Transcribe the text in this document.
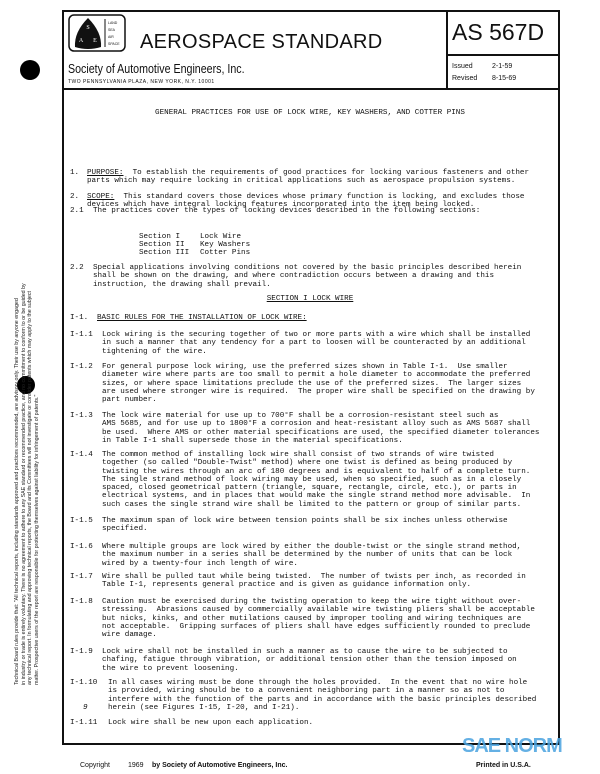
Technical Board rules provide that: "All technical reports, including standards approved and practices recommended, are advisory only. Their use by anyone engaged in industry or trade is entirely voluntary. There is no agreement to adhere to any SAE standard or recommended practice, and no commitment to conform to or be guided by any technical report. In formulating and approving technical reports, the Board and its Committees will not investigate or consider patents which may apply to the subject matter. Prospective users of the report are responsible for protecting themselves against liability for infringement of patents."
S
A E
LAND
SEA
AIR
SPACE AEROSPACE STANDARD
Society of Automotive Engineers, Inc.
TWO PENNSYLVANIA PLAZA, NEW YORK, N.Y. 10001
AS 567D
Issued	2-1-59
Revised 8-15-69
GENERAL PRACTICES FOR USE OF LOCK WIRE, KEY WASHERS, AND COTTER PINS
1. PURPOSE:  To establish the requirements of good practices for locking various fasteners and other
parts which may require locking in critical applications such as aerospace propulsion systems.
2. SCOPE:  This standard covers those devices whose primary function is locking, and excludes those
devices which have integral locking features incorporated into the item being locked.
2.1 The practices cover the types of locking devices described in the following sections:
Section I	Lock Wire
Section II Key Washers
Section III Cotter Pins
2.2 Special applications involving conditions not covered by the basic principles described herein
shall be shown on the drawing, and where contradiction occurs between a drawing and this
instruction, the drawing shall prevail.
SECTION I LOCK WIRE
I-1. BASIC RULES FOR THE INSTALLATION OF LOCK WIRE:
I-1.1 Lock wiring is the securing together of two or more parts with a wire which shall be installed
in such a manner that any tendency for a part to loosen will be counteracted by an additional
tightening of the wire.
I-1.2 For general purpose lock wiring, use the preferred sizes shown in Table I-1.  Use smaller
diameter wire where parts are too small to permit a hole diameter to accommodate the preferred
sizes, or where space limitations preclude the use of the preferred sizes.  The larger sizes
are used where stronger wire is required.  The proper wire shall be specified on the drawing by
part number.
I-1.3 The lock wire material for use up to 700°F shall be a corrosion-resistant steel such as
AMS 5685, and for use up to 1800°F a corrosion and heat-resistant alloy such as AMS 5687 shall
be used.  Where AMS or other material specifications are used, the specified diameter tolerances
in Table I-1 shall supersede those in the material specifications.
I-1.4 The common method of installing lock wire shall consist of two strands of wire twisted
together (so called "Double-Twist" method) where one twist is defined as being produced by
twisting the wires through an arc of 180 degrees and is equivalent to half of a complete turn.
The single strand method of lock wiring may be used, when so specified, such as in a closely
spaced, closed geometrical pattern (triangle, square, rectangle, circle, etc.), or parts in
electrical systems, and in places that would make the single strand method more advisable.  In
such cases the single strand wire shall be limited to the pattern or group of similar parts.
I-1.5 The maximum span of lock wire between tension points shall be six inches unless otherwise
specified.
I-1.6 Where multiple groups are lock wired by either the double-twist or the single strand method,
the maximum number in a series shall be determined by the number of units that can be lock
wired by a twenty-four inch length of wire.
I-1.7 Wire shall be pulled taut while being twisted.  The number of twists per inch, as recorded in
Table I-1, represents general practice and is given as guidance information only.
I-1.8 Caution must be exercised during the twisting operation to keep the wire tight without over-
stressing.  Abrasions caused by commercially available wire twisting pliers shall be acceptable
but nicks, kinks, and other mutilations caused by improper tooling and wiring techniques are
not acceptable.  Gripping surfaces of pliers shall have edges sufficiently rounded to preclude
wire damage.
I-1.9 Lock wire shall not be installed in such a manner as to cause the wire to be subjected to
chafing, fatigue through vibration, or additional tension other than the tension imposed on
the wire to prevent loosening.
I-1.10 In all cases wiring must be done through the holes provided.  In the event that no wire hole
is provided, wiring should be to a convenient neighboring part in a manner so as not to
interfere with the function of the parts and in accordance with the basic principles described
herein (see Figures I-15, I-20, and I-21).
9
I-1.11 Lock wire shall be new upon each application.
Copyright	1969 by Society of Automotive Engineers, Inc.
SAE NORM
Printed in U.S.A.
